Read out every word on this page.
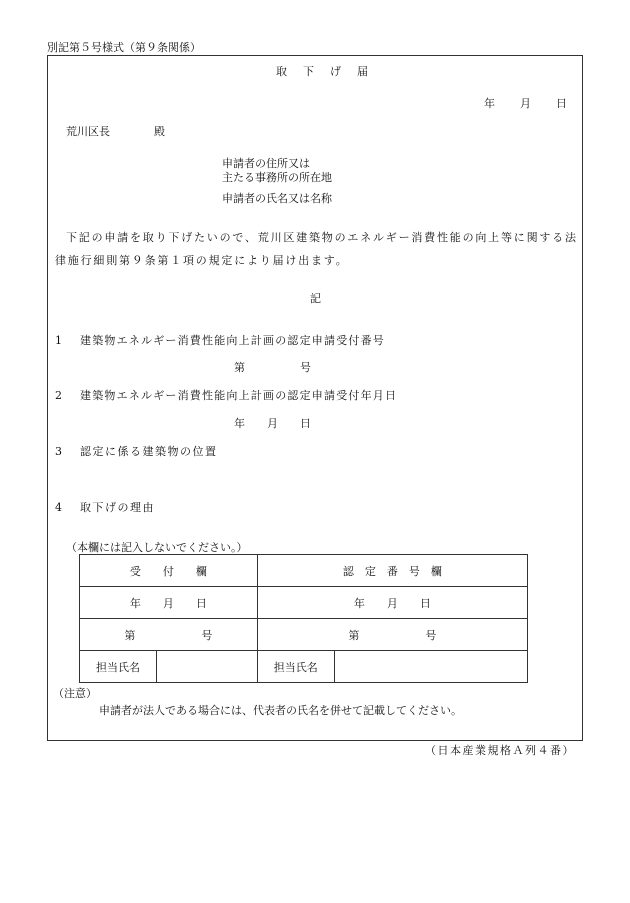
別記第５号様式（第９条関係）
取　下　げ　届
年　　月　　日
荒川区長　　　　殿
申請者の住所又は
主たる事務所の所在地
申請者の氏名又は名称
下記の申請を取り下げたいので、荒川区建築物のエネルギー消費性能の向上等に関する法律施行細則第９条第１項の規定により届け出ます。
記
1 建築物エネルギー消費性能向上計画の認定申請受付番号
第　　　　　号
2 建築物エネルギー消費性能向上計画の認定申請受付年月日
年　　月　　日
3 認定に係る建築物の位置
4 取下げの理由
（本欄には記入しないでください。）
受　　付　　欄		認　定　番　号　欄	
年　　月　　日		年　　月　　日	
第　　　　　　号		第　　　　　　号	
担当氏名		担当氏名	
（注意）
申請者が法人である場合には、代表者の氏名を併せて記載してください。
（日本産業規格Ａ列４番）
